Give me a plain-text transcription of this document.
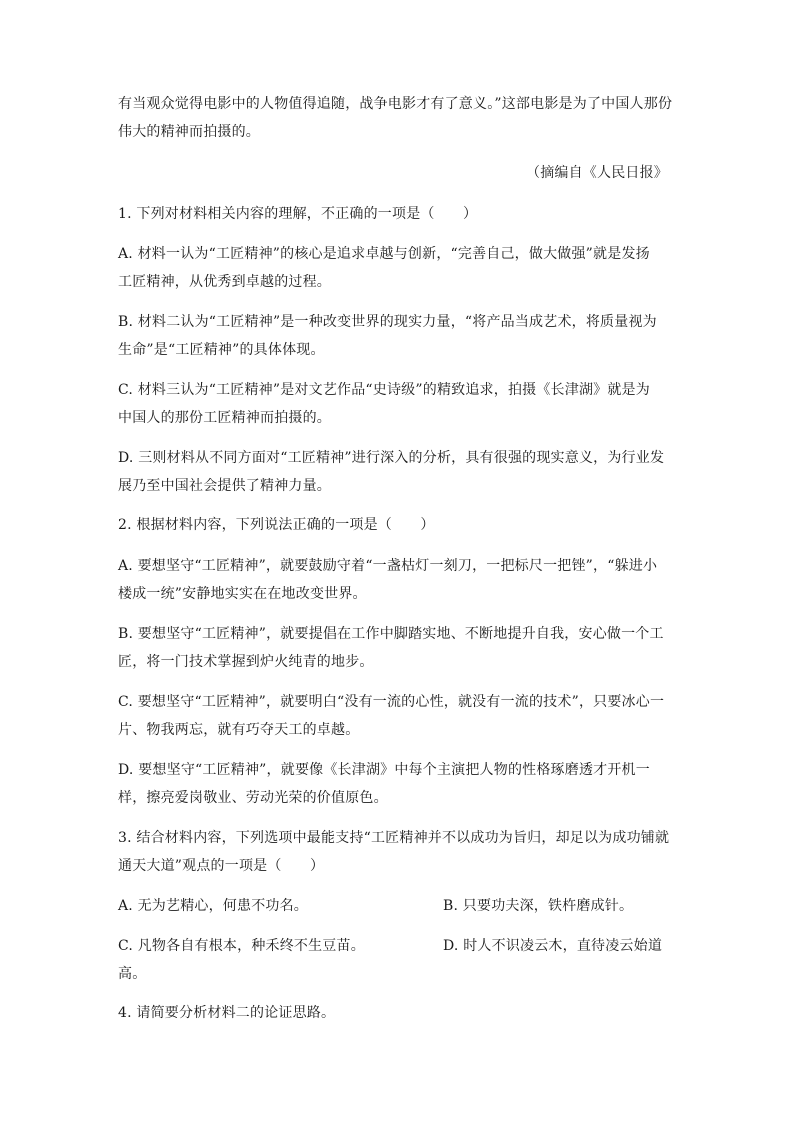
有当观众觉得电影中的人物值得追随，战争电影才有了意义。”这部电影是为了中国人那份
伟大的精神而拍摄的。
（摘编自《人民日报》
1. 下列对材料相关内容的理解，不正确的一项是（　　）
A. 材料一认为“工匠精神”的核心是追求卓越与创新，“完善自己，做大做强”就是发扬
工匠精神，从优秀到卓越的过程。
B. 材料二认为“工匠精神”是一种改变世界的现实力量，“将产品当成艺术，将质量视为
生命”是“工匠精神”的具体体现。
C. 材料三认为“工匠精神”是对文艺作品“史诗级”的精致追求，拍摄《长津湖》就是为
中国人的那份工匠精神而拍摄的。
D. 三则材料从不同方面对“工匠精神”进行深入的分析，具有很强的现实意义，为行业发
展乃至中国社会提供了精神力量。
2. 根据材料内容，下列说法正确的一项是（　　）
A. 要想坚守“工匠精神”，就要鼓励守着“一盏枯灯一刻刀，一把标尺一把锉”，“躲进小
楼成一统”安静地实实在在地改变世界。
B. 要想坚守“工匠精神”，就要提倡在工作中脚踏实地、不断地提升自我，安心做一个工
匠，将一门技术掌握到炉火纯青的地步。
C. 要想坚守“工匠精神”，就要明白“没有一流的心性，就没有一流的技术”，只要冰心一
片、物我两忘，就有巧夺天工的卓越。
D. 要想坚守“工匠精神”，就要像《长津湖》中每个主演把人物的性格琢磨透才开机一
样，擦亮爱岗敬业、劳动光荣的价值原色。
3. 结合材料内容，下列选项中最能支持“工匠精神并不以成功为旨归，却足以为成功铺就
通天大道”观点的一项是（　　）
A. 无为艺精心，何患不功名。	B. 只要功夫深，铁杵磨成针。
C. 凡物各自有根本，种禾终不生豆苗。	D. 时人不识凌云木，直待凌云始道
高。
4. 请简要分析材料二的论证思路。
